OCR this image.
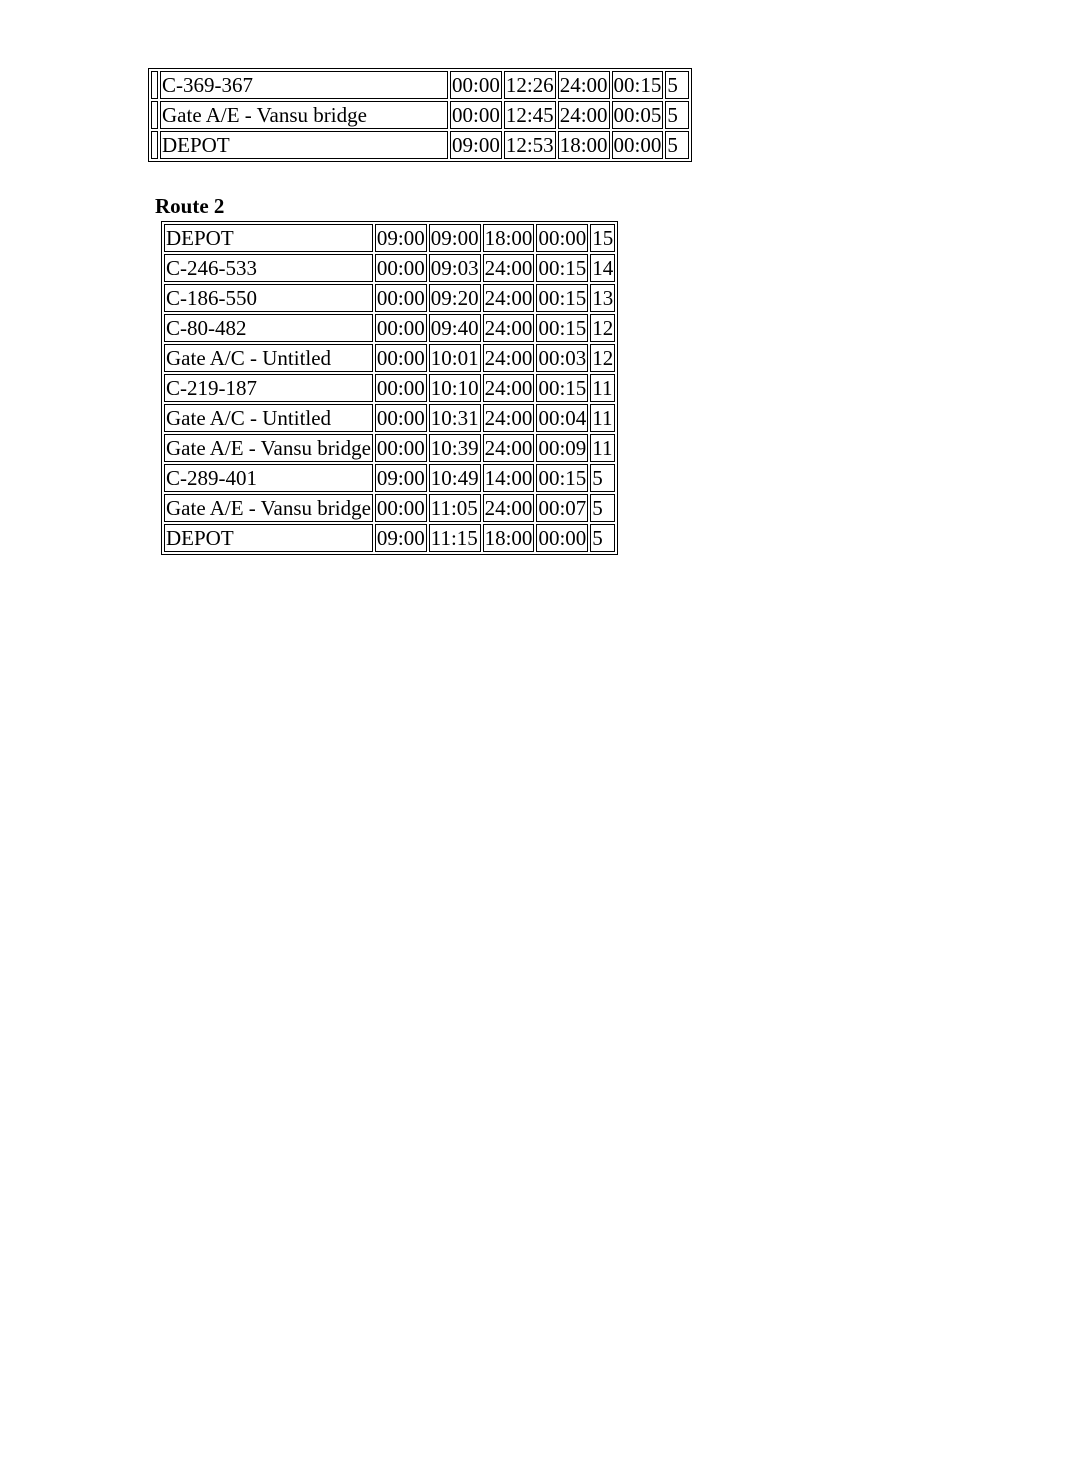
	C-369-367	00:00	12:26	24:00	00:15	5
	Gate A/E - Vansu bridge	00:00	12:45	24:00	00:05	5
	DEPOT	09:00	12:53	18:00	00:00	5
Route 2
DEPOT	09:00	09:00	18:00	00:00	15
C-246-533	00:00	09:03	24:00	00:15	14
C-186-550	00:00	09:20	24:00	00:15	13
C-80-482	00:00	09:40	24:00	00:15	12
Gate A/C - Untitled	00:00	10:01	24:00	00:03	12
C-219-187	00:00	10:10	24:00	00:15	11
Gate A/C - Untitled	00:00	10:31	24:00	00:04	11
Gate A/E - Vansu bridge	00:00	10:39	24:00	00:09	11
C-289-401	09:00	10:49	14:00	00:15	5
Gate A/E - Vansu bridge	00:00	11:05	24:00	00:07	5
DEPOT	09:00	11:15	18:00	00:00	5
